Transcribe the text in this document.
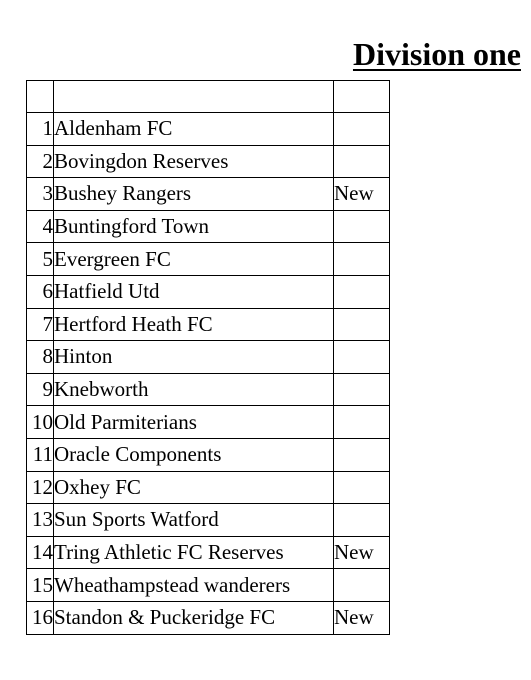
Division one

1	Aldenham FC	
2	Bovingdon Reserves	
3	Bushey Rangers	New
4	Buntingford Town	
5	Evergreen FC	
6	Hatfield Utd	
7	Hertford Heath FC	
8	Hinton	
9	Knebworth	
10	Old Parmiterians	
11	Oracle Components	
12	Oxhey FC	
13	Sun Sports Watford	
14	Tring Athletic FC Reserves	New
15	Wheathampstead wanderers	
16	Standon & Puckeridge FC	New
